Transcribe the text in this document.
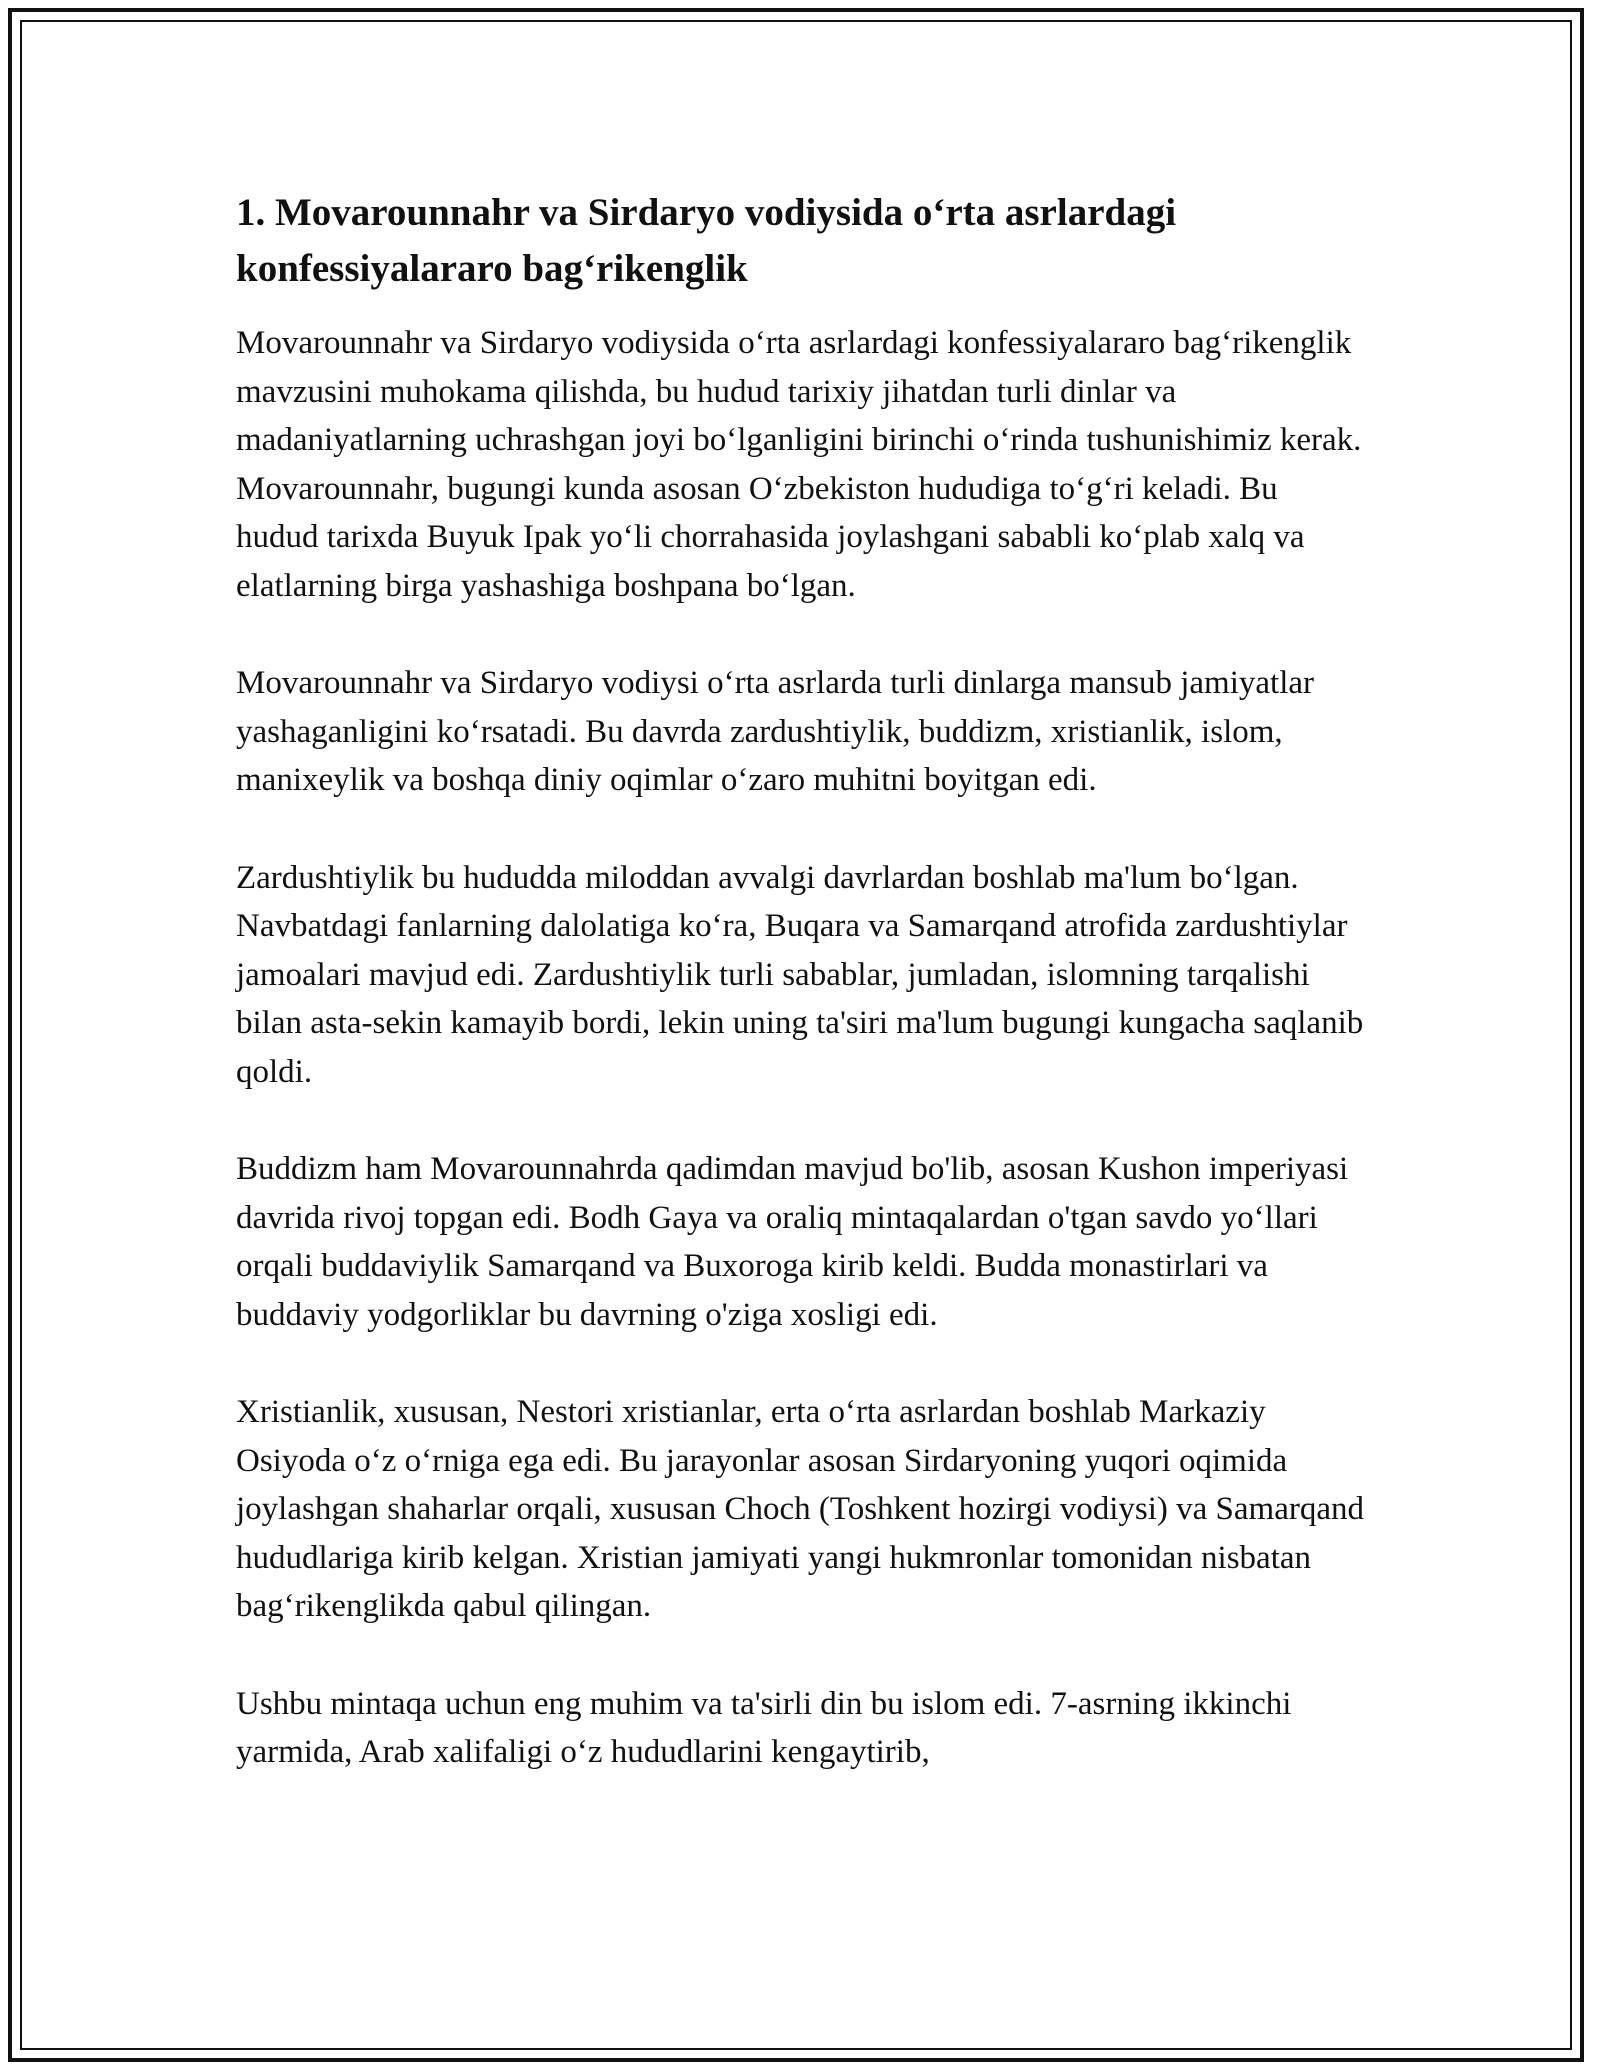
1. Movarounnahr va Sirdaryo vodiysida o‘rta asrlardagi
konfessiyalararo bag‘rikenglik

Movarounnahr va Sirdaryo vodiysida o‘rta asrlardagi konfessiyalararo bag‘rikenglik mavzusini muhokama qilishda, bu hudud tarixiy jihatdan turli dinlar va madaniyatlarning uchrashgan joyi bo‘lganligini birinchi o‘rinda tushunishimiz kerak. Movarounnahr, bugungi kunda asosan O‘zbekiston hududiga to‘g‘ri keladi. Bu hudud tarixda Buyuk Ipak yo‘li chorrahasida joylashgani sababli ko‘plab xalq va elatlarning birga yashashiga boshpana bo‘lgan.

Movarounnahr va Sirdaryo vodiysi o‘rta asrlarda turli dinlarga mansub jamiyatlar yashaganligini ko‘rsatadi. Bu davrda zardushtiylik, buddizm, xristianlik, islom, manixeylik va boshqa diniy oqimlar o‘zaro muhitni boyitgan edi.

Zardushtiylik bu hududda miloddan avvalgi davrlardan boshlab ma'lum bo‘lgan. Navbatdagi fanlarning dalolatiga ko‘ra, Buqara va Samarqand atrofida zardushtiylar jamoalari mavjud edi. Zardushtiylik turli sabablar, jumladan, islomning tarqalishi bilan asta-sekin kamayib bordi, lekin uning ta'siri ma'lum bugungi kungacha saqlanib qoldi.

Buddizm ham Movarounnahrda qadimdan mavjud bo'lib, asosan Kushon imperiyasi davrida rivoj topgan edi. Bodh Gaya va oraliq mintaqalardan o'tgan savdo yo‘llari orqali buddaviylik Samarqand va Buxoroga kirib keldi. Budda monastirlari va buddaviy yodgorliklar bu davrning o'ziga xosligi edi.

Xristianlik, xususan, Nestori xristianlar, erta o‘rta asrlardan boshlab Markaziy Osiyoda o‘z o‘rniga ega edi. Bu jarayonlar asosan Sirdaryoning yuqori oqimida joylashgan shaharlar orqali, xususan Choch (Toshkent hozirgi vodiysi) va Samarqand hududlariga kirib kelgan. Xristian jamiyati yangi hukmronlar tomonidan nisbatan bag‘rikenglikda qabul qilingan.

Ushbu mintaqa uchun eng muhim va ta'sirli din bu islom edi. 7-asrning ikkinchi yarmida, Arab xalifaligi o‘z hududlarini kengaytirib,
